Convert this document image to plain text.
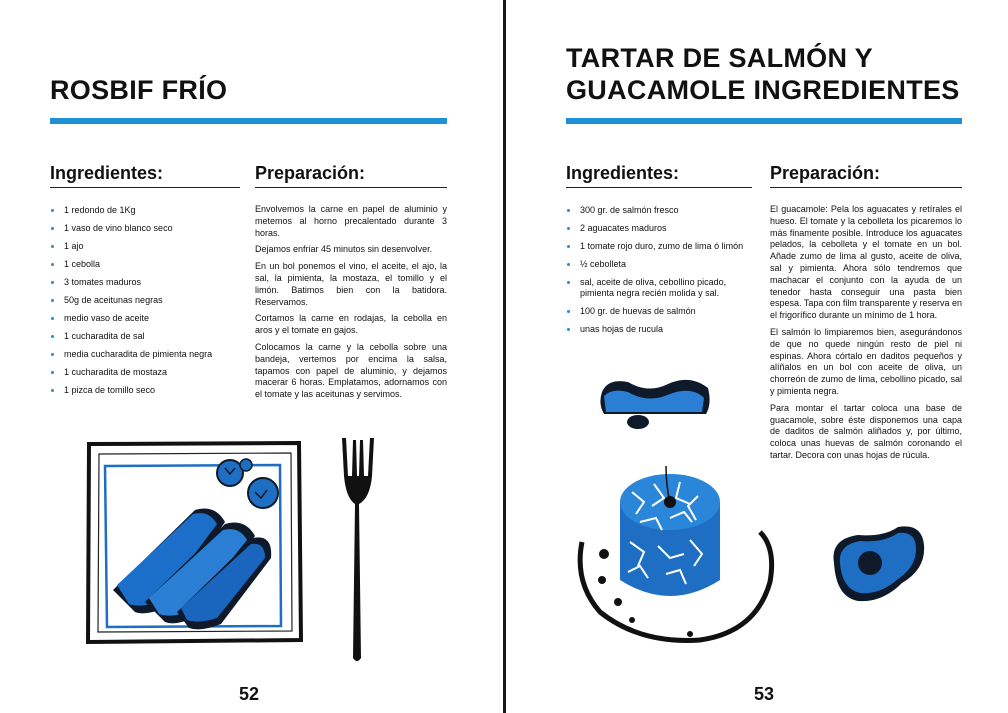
ROSBIF FRÍO
Ingredientes:	Preparación:
1 redondo de 1Kg
1 vaso de vino blanco seco
1 ajo
1 cebolla
3 tomates maduros
50g de aceitunas negras
medio vaso de aceite
1 cucharadita de sal
media cucharadita de pimienta negra
1 cucharadita de mostaza
1 pizca de tomillo seco

Envolvemos la carne en papel de aluminio y metemos al horno precalentado durante 3 horas.

Dejamos enfriar 45 minutos sin desenvolver.

En un bol ponemos el vino, el aceite, el ajo, la sal, la pimienta, la mostaza, el tomillo y el limón. Batimos bien con la batidora. Reservamos.

Cortamos la carne en rodajas, la cebolla en aros y el tomate en gajos.

Colocamos la carne y la cebolla sobre una bandeja, vertemos por encima la salsa, tapamos con papel de aluminio, y dejamos macerar 6 horas. Emplatamos, adornamos con el tomate y las aceitunas y servimos.

52
TARTAR DE SALMÓN Y
GUACAMOLE INGREDIENTES
Ingredientes:	Preparación:
300 gr. de salmón fresco
2 aguacates maduros
1 tomate rojo duro, zumo de lima ó limón
½ cebolleta
sal, aceite de oliva, cebollino picado, pimienta negra recién molida y sal.
100 gr. de huevas de salmón
unas hojas de rucula

El guacamole: Pela los aguacates y retírales el hueso. El tomate y la cebolleta los picaremos lo más finamente posible. Introduce los aguacates pelados, la cebolleta y el tomate en un bol. Añade zumo de lima al gusto, aceite de oliva, sal y pimienta. Ahora sólo tendremos que machacar el conjunto con la ayuda de un tenedor hasta conseguir una pasta bien espesa. Tapa con film transparente y reserva en el frigorífico durante un mínimo de 1 hora.

El salmón lo limpiaremos bien, asegurándonos de que no quede ningún resto de piel ni espinas. Ahora córtalo en daditos pequeños y alíñalos en un bol con aceite de oliva, un chorreón de zumo de lima, cebollino picado, sal y pimienta negra.

Para montar el tartar coloca una base de guacamole, sobre éste disponemos una capa de daditos de salmón aliñados y, por último, coloca unas huevas de salmón coronando el tartar. Decora con unas hojas de rúcula.

53
